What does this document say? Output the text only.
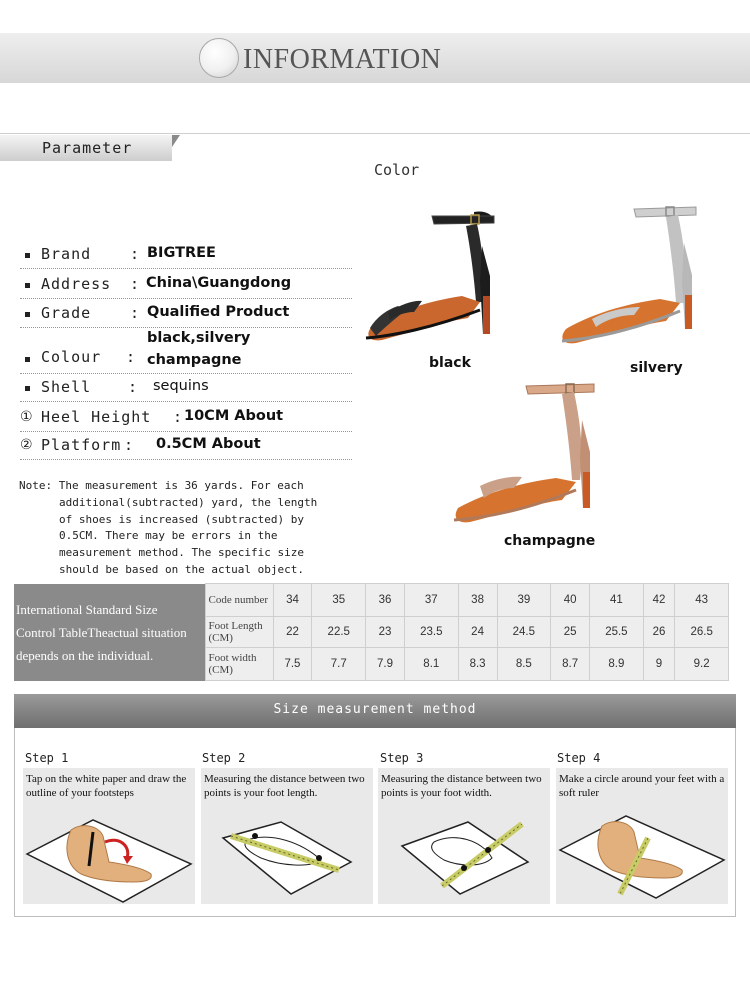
INFORMATION
Parameter
Color
Brand	: BIGTREE
Address : China\Guangdong
Grade	: Qualified Product
Colour :
black,silvery
champagne
Shell : sequins
① Heel Height : 10CM About
② Platform : 0.5CM About
Note: The measurement is 36 yards. For each
additional(subtracted) yard, the length
of shoes is increased (subtracted) by
0.5CM. There may be errors in the
measurement method. The specific size
should be based on the actual object.
black	silvery
champagne
International Standard Size
Control TableTheactual situation
depends on the individual.	Code number	34	35	36	37	38	39	40	41	42	43
	Foot Length (CM)	22	22.5	23	23.5	24	24.5	25	25.5	26	26.5
	Foot width (CM)	7.5	7.7	7.9	8.1	8.3	8.5	8.7	8.9	9	9.2
Size measurement method
Step 1	Step 2	Step 3	Step 4
Tap on the white paper and draw the outline of your footsteps
Measuring the distance between two points is your foot length.
Measuring the distance between two points is your foot width.
Make a circle around your feet with a soft ruler
